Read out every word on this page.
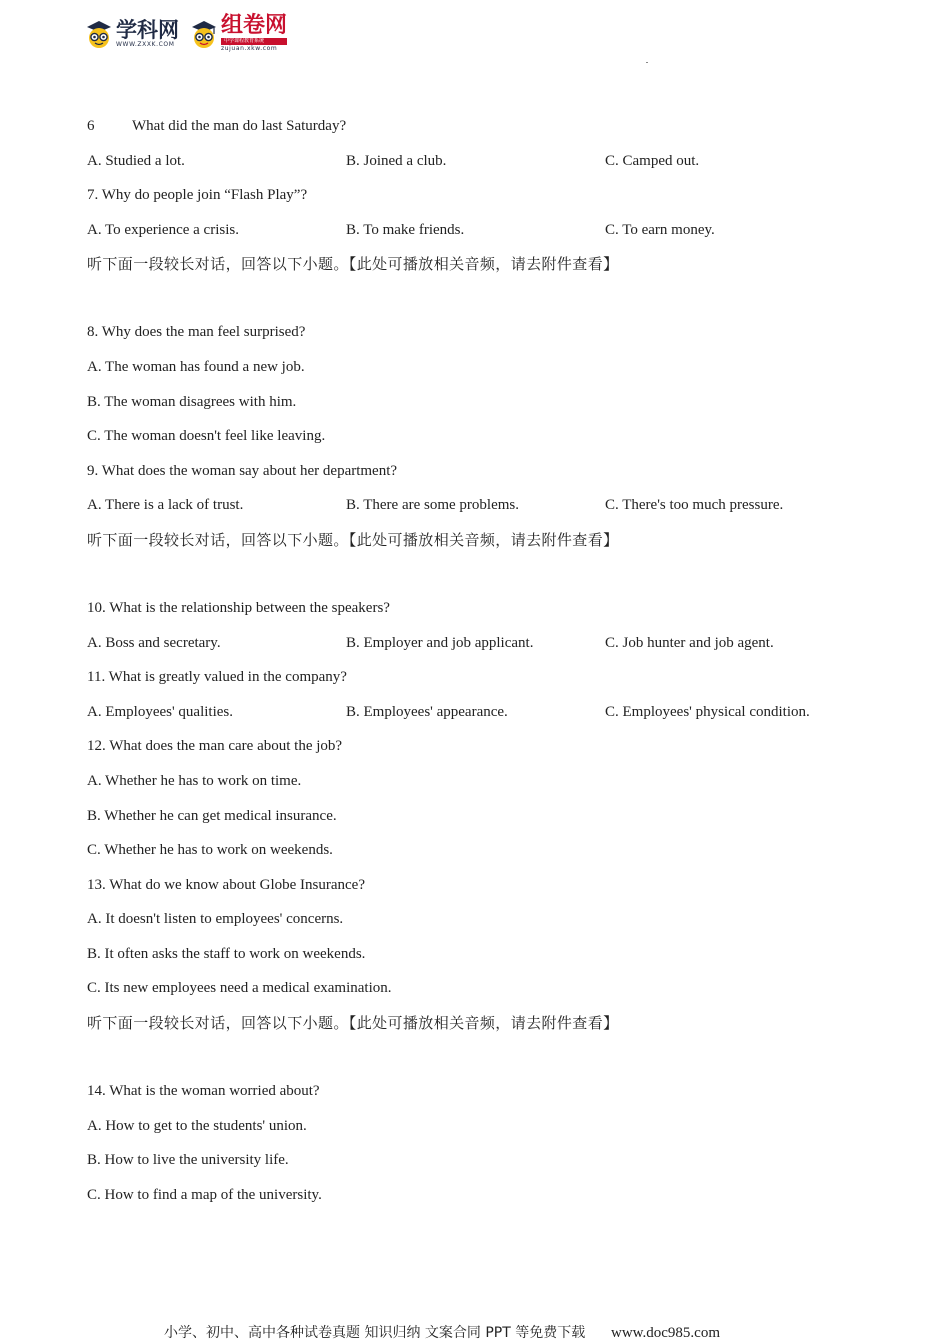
学科网
WWW.ZXXK.COM
组卷网
中学课程教育系统
zujuan.xkw.com
6	What did the man do last Saturday?
A. Studied a lot.	B. Joined a club.	C. Camped out.
7. Why do people join “Flash Play”?
A. To experience a crisis.	B. To make friends.	C. To earn money.
听下面一段较长对话，回答以下小题。【此处可播放相关音频，请去附件查看】
8. Why does the man feel surprised?
A. The woman has found a new job.
B. The woman disagrees with him.
C. The woman doesn't feel like leaving.
9. What does the woman say about her department?
A. There is a lack of trust.	B. There are some problems.	C. There's too much pressure.
听下面一段较长对话，回答以下小题。【此处可播放相关音频，请去附件查看】
10. What is the relationship between the speakers?
A. Boss and secretary.	B. Employer and job applicant.	C. Job hunter and job agent.
11. What is greatly valued in the company?
A. Employees' qualities.	B. Employees' appearance.	C. Employees' physical condition.
12. What does the man care about the job?
A. Whether he has to work on time.
B. Whether he can get medical insurance.
C. Whether he has to work on weekends.
13. What do we know about Globe Insurance?
A. It doesn't listen to employees' concerns.
B. It often asks the staff to work on weekends.
C. Its new employees need a medical examination.
听下面一段较长对话，回答以下小题。【此处可播放相关音频，请去附件查看】
14. What is the woman worried about?
A. How to get to the students' union.
B. How to live the university life.
C. How to find a map of the university.
小学、初中、高中各种试卷真题 知识归纳 文案合同 PPT 等免费下载 www.doc985.com
